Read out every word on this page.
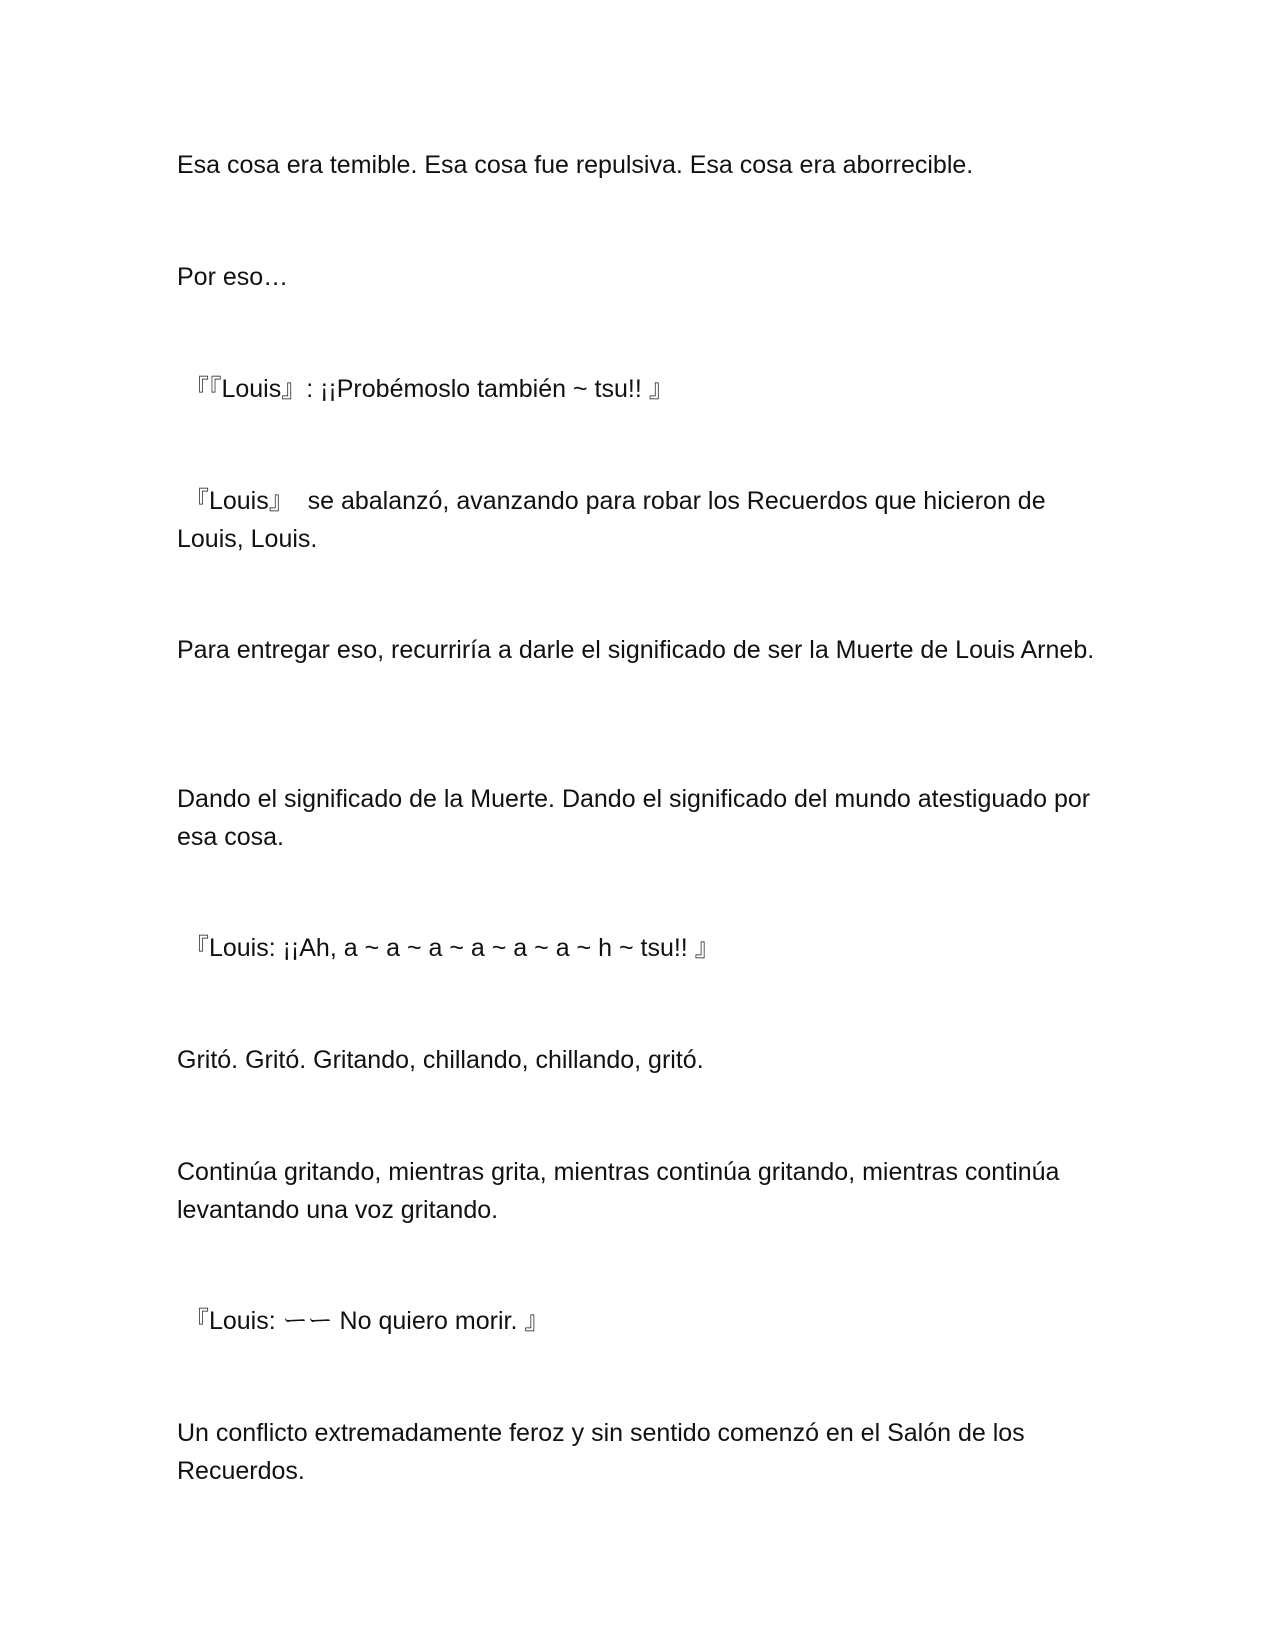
Esa cosa era temible. Esa cosa fue repulsiva. Esa cosa era aborrecible.

Por eso…

『『Louis』: ¡¡Probémoslo también ~ tsu!! 』

『Louis』  se abalanzó, avanzando para robar los Recuerdos que hicieron de Louis, Louis.

Para entregar eso, recurriría a darle el significado de ser la Muerte de Louis Arneb.

Dando el significado de la Muerte. Dando el significado del mundo atestiguado por esa cosa.

『Louis: ¡¡Ah, a ~ a ~ a ~ a ~ a ~ a ~ h ~ tsu!! 』

Gritó. Gritó. Gritando, chillando, chillando, gritó.

Continúa gritando, mientras grita, mientras continúa gritando, mientras continúa levantando una voz gritando.

『Louis: ーー No quiero morir. 』

Un conflicto extremadamente feroz y sin sentido comenzó en el Salón de los Recuerdos.
